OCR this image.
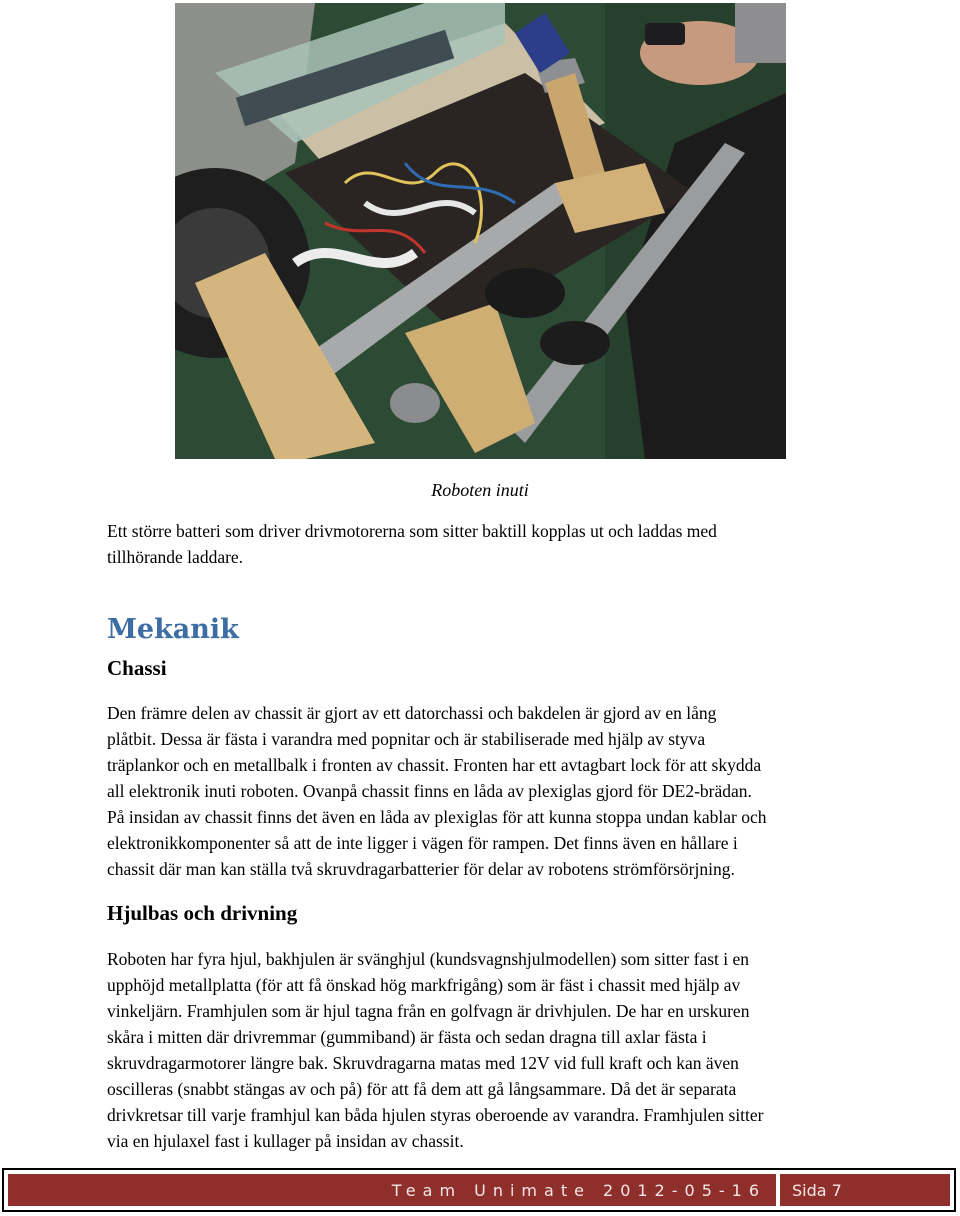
Roboten inuti

Ett större batteri som driver drivmotorerna som sitter baktill kopplas ut och laddas med
tillhörande laddare.

Mekanik
Chassi

Den främre delen av chassit är gjort av ett datorchassi och bakdelen är gjord av en lång
plåtbit. Dessa är fästa i varandra med popnitar och är stabiliserade med hjälp av styva
träplankor och en metallbalk i fronten av chassit. Fronten har ett avtagbart lock för att skydda
all elektronik inuti roboten. Ovanpå chassit finns en låda av plexiglas gjord för DE2-brädan.
På insidan av chassit finns det även en låda av plexiglas för att kunna stoppa undan kablar och
elektronikkomponenter så att de inte ligger i vägen för rampen. Det finns även en hållare i
chassit där man kan ställa två skruvdragarbatterier för delar av robotens strömförsörjning.

Hjulbas och drivning

Roboten har fyra hjul, bakhjulen är svänghjul (kundsvagnshjulmodellen) som sitter fast i en
upphöjd metallplatta (för att få önskad hög markfrigång) som är fäst i chassit med hjälp av
vinkeljärn. Framhjulen som är hjul tagna från en golfvagn är drivhjulen. De har en urskuren
skåra i mitten där drivremmar (gummiband) är fästa och sedan dragna till axlar fästa i
skruvdragarmotorer längre bak. Skruvdragarna matas med 12V vid full kraft och kan även
oscilleras (snabbt stängas av och på) för att få dem att gå långsammare. Då det är separata
drivkretsar till varje framhjul kan båda hjulen styras oberoende av varandra. Framhjulen sitter
via en hjulaxel fast i kullager på insidan av chassit.

Team Unimate 2012-05-16	Sida 7
